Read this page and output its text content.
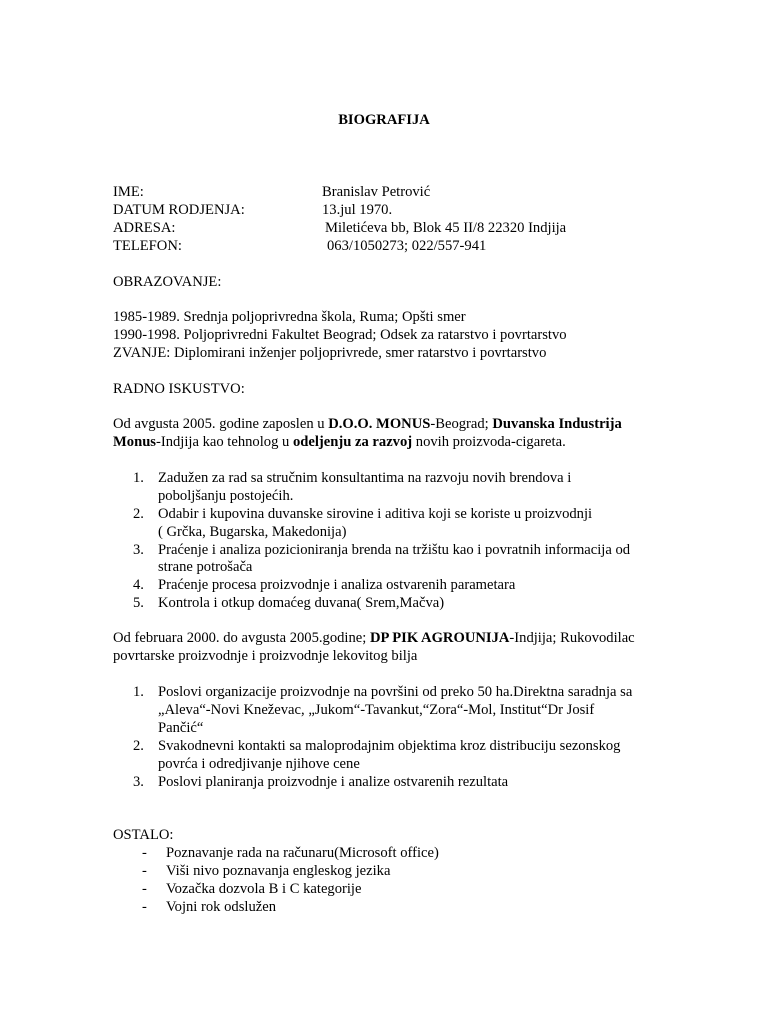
BIOGRAFIJA
IME:	Branislav Petrović
DATUM RODJENJA:	13.jul 1970.
ADRESA:	Miletićeva bb, Blok 45 II/8 22320 Indjija
TELEFON:	063/1050273; 022/557-941
OBRAZOVANJE:
1985-1989. Srednja poljoprivredna škola, Ruma; Opšti smer
1990-1998. Poljoprivredni Fakultet Beograd; Odsek za ratarstvo i povrtarstvo
ZVANJE: Diplomirani inženjer poljoprivrede, smer ratarstvo i povrtarstvo
RADNO ISKUSTVO:
Od avgusta 2005. godine zaposlen u D.O.O. MONUS-Beograd; Duvanska Industrija
Monus-Indjija kao tehnolog u odeljenju za razvoj novih proizvoda-cigareta.
1. Zadužen za rad sa stručnim konsultantima na razvoju novih brendova i
poboljšanju postojećih.
2. Odabir i kupovina duvanske sirovine i aditiva koji se koriste u proizvodnji
( Grčka, Bugarska, Makedonija)
3. Praćenje i analiza pozicioniranja brenda na tržištu kao i povratnih informacija od
strane potrošača
4. Praćenje procesa proizvodnje i analiza ostvarenih parametara
5. Kontrola i otkup domaćeg duvana( Srem,Mačva)
Od februara 2000. do avgusta 2005.godine; DP PIK AGROUNIJA-Indjija; Rukovodilac
povrtarske proizvodnje i proizvodnje lekovitog bilja
1. Poslovi organizacije proizvodnje na površini od preko 50 ha.Direktna saradnja sa
„Aleva“-Novi Kneževac, „Jukom“-Tavankut,“Zora“-Mol, Institut“Dr Josif
Pančić“
2. Svakodnevni kontakti sa maloprodajnim objektima kroz distribuciju sezonskog
povrća i odredjivanje njihove cene
3. Poslovi planiranja proizvodnje i analize ostvarenih rezultata
OSTALO:
- Poznavanje rada na računaru(Microsoft office)
- Viši nivo poznavanja engleskog jezika
- Vozačka dozvola B i C kategorije
- Vojni rok odslužen
